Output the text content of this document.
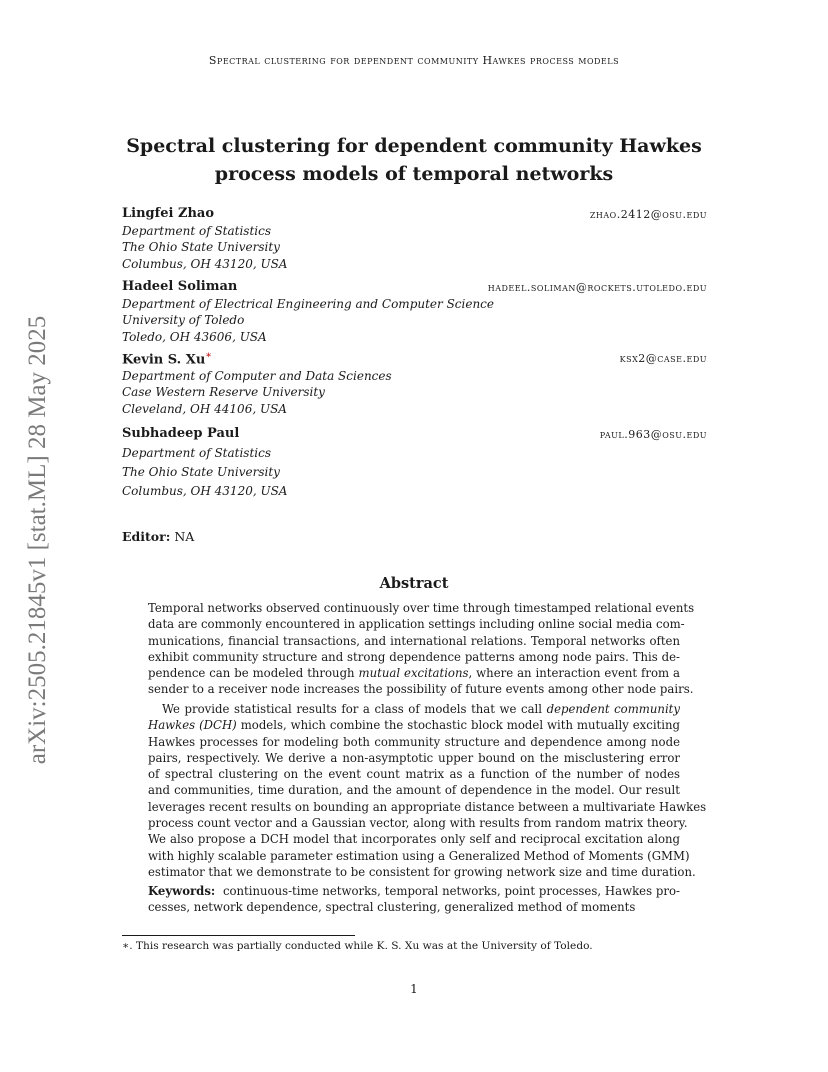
Spectral clustering for dependent community Hawkes process models
arXiv:2505.21845v1 [stat.ML] 28 May 2025
Spectral clustering for dependent community Hawkes
process models of temporal networks
Lingfei Zhao	zhao.2412@osu.edu
Department of Statistics
The Ohio State University
Columbus, OH 43120, USA
Hadeel Soliman	hadeel.soliman@rockets.utoledo.edu
Department of Electrical Engineering and Computer Science
University of Toledo
Toledo, OH 43606, USA
Kevin S. Xu∗	ksx2@case.edu
Department of Computer and Data Sciences
Case Western Reserve University
Cleveland, OH 44106, USA
Subhadeep Paul	paul.963@osu.edu
Department of Statistics
The Ohio State University
Columbus, OH 43120, USA
Editor: NA
Abstract
Temporal networks observed continuously over time through timestamped relational events
data are commonly encountered in application settings including online social media com-
munications, financial transactions, and international relations. Temporal networks often
exhibit community structure and strong dependence patterns among node pairs. This de-
pendence can be modeled through mutual excitations, where an interaction event from a
sender to a receiver node increases the possibility of future events among other node pairs.
We provide statistical results for a class of models that we call dependent community
Hawkes (DCH) models, which combine the stochastic block model with mutually exciting
Hawkes processes for modeling both community structure and dependence among node
pairs, respectively. We derive a non-asymptotic upper bound on the misclustering error
of spectral clustering on the event count matrix as a function of the number of nodes
and communities, time duration, and the amount of dependence in the model. Our result
leverages recent results on bounding an appropriate distance between a multivariate Hawkes
process count vector and a Gaussian vector, along with results from random matrix theory.
We also propose a DCH model that incorporates only self and reciprocal excitation along
with highly scalable parameter estimation using a Generalized Method of Moments (GMM)
estimator that we demonstrate to be consistent for growing network size and time duration.
Keywords: continuous-time networks, temporal networks, point processes, Hawkes pro-
cesses, network dependence, spectral clustering, generalized method of moments
∗. This research was partially conducted while K. S. Xu was at the University of Toledo.
1
